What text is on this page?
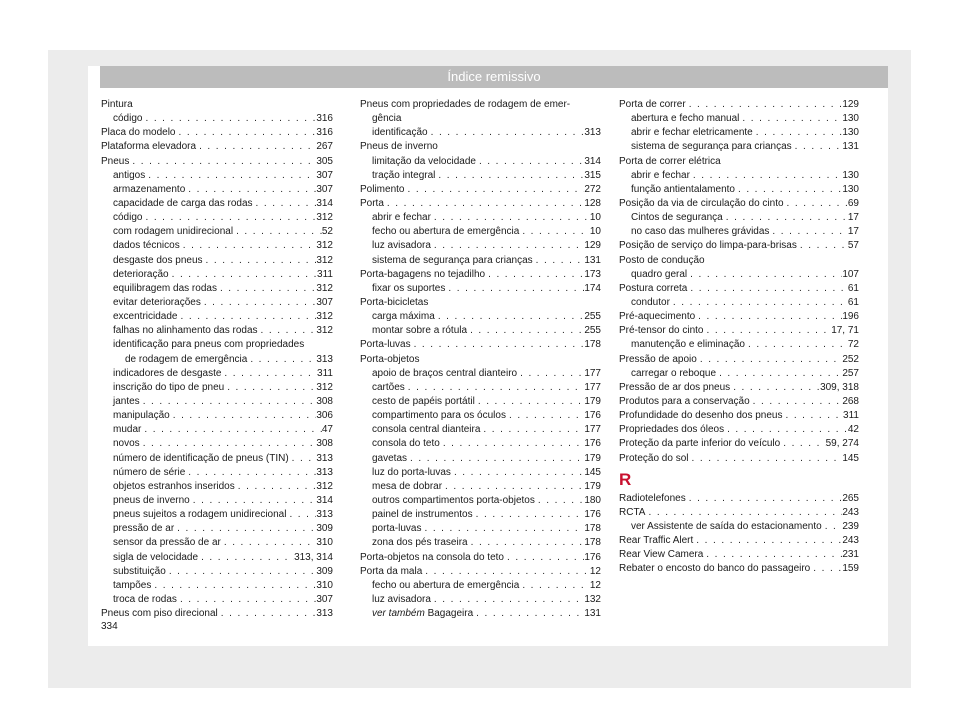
Índice remissivo
Pintura
código . . .	316
Placa do modelo . . .	316
Plataforma elevadora . . .	267
Pneus . . .	305
antigos . . .	307
armazenamento . . .	307
capacidade de carga das rodas . . .	314
código . . .	312
com rodagem unidirecional . . .	52
dados técnicos . . .	312
desgaste dos pneus . . .	312
deterioração . . .	311
equilibragem das rodas . . .	312
evitar deteriorações . . .	307
excentricidade . . .	312
falhas no alinhamento das rodas . . .	312
identificação para pneus com propriedades
de rodagem de emergência . . .	313
indicadores de desgaste . . .	311
inscrição do tipo de pneu . . .	312
jantes . . .	308
manipulação . . .	306
mudar . . .	47
novos . . .	308
número de identificação de pneus (TIN) . . .	313
número de série . . .	313
objetos estranhos inseridos . . .	312
pneus de inverno . . .	314
pneus sujeitos a rodagem unidirecional . . .	313
pressão de ar . . .	309
sensor da pressão de ar . . .	310
sigla de velocidade . . .	313, 314
substituição . . .	309
tampões . . .	310
troca de rodas . . .	307
Pneus com piso direcional . . .	313
Pneus com propriedades de rodagem de emer-
gência
identificação . . .	313
Pneus de inverno
limitação da velocidade . . .	314
tração integral . . .	315
Polimento . . .	272
Porta . . .	128
abrir e fechar . . .	10
fecho ou abertura de emergência . . .	10
luz avisadora . . .	129
sistema de segurança para crianças . . .	131
Porta-bagagens no tejadilho . . .	173
fixar os suportes . . .	174
Porta-bicicletas
carga máxima . . .	255
montar sobre a rótula . . .	255
Porta-luvas . . .	178
Porta-objetos
apoio de braços central dianteiro . . .	177
cartões . . .	177
cesto de papéis portátil . . .	179
compartimento para os óculos . . .	176
consola central dianteira . . .	177
consola do teto . . .	176
gavetas . . .	179
luz do porta-luvas . . .	145
mesa de dobrar . . .	179
outros compartimentos porta-objetos . . .	180
painel de instrumentos . . .	176
porta-luvas . . .	178
zona dos pés traseira . . .	178
Porta-objetos na consola do teto . . .	176
Porta da mala . . .	12
fecho ou abertura de emergência . . .	12
luz avisadora . . .	132
ver também Bagageira . . .	131
Porta de correr . . .	129
abertura e fecho manual . . .	130
abrir e fechar eletricamente . . .	130
sistema de segurança para crianças . . .	131
Porta de correr elétrica
abrir e fechar . . .	130
função antientalamento . . .	130
Posição da via de circulação do cinto . . .	69
Cintos de segurança . . .	17
no caso das mulheres grávidas . . .	17
Posição de serviço do limpa-para-brisas . . .	57
Posto de condução
quadro geral . . .	107
Postura correta . . .	61
condutor . . .	61
Pré-aquecimento . . .	196
Pré-tensor do cinto . . .	17, 71
manutenção e eliminação . . .	72
Pressão de apoio . . .	252
carregar o reboque . . .	257
Pressão de ar dos pneus . . .	309, 318
Produtos para a conservação . . .	268
Profundidade do desenho dos pneus . . .	311
Propriedades dos óleos . . .	42
Proteção da parte inferior do veículo . . .	59, 274
Proteção do sol . . .	145
R
Radiotelefones . . .	265
RCTA . . .	243
ver Assistente de saída do estacionamento . . . 239
Rear Traffic Alert . . .	243
Rear View Camera . . .	231
Rebater o encosto do banco do passageiro . . .	159
334
